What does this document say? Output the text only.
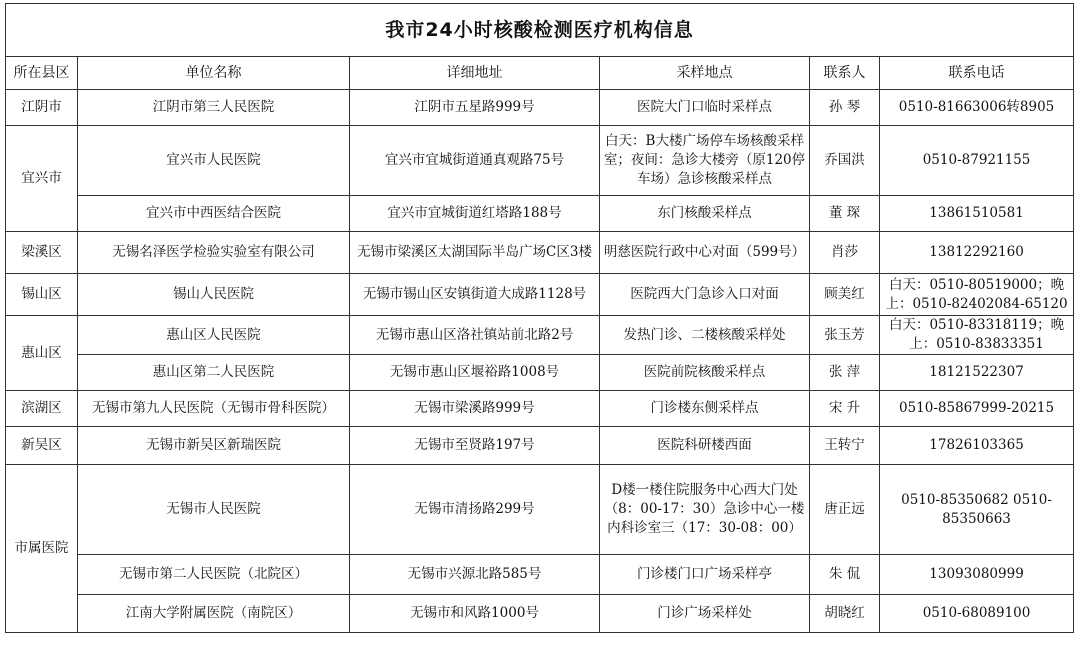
我市24小时核酸检测医疗机构信息					
所在县区	单位名称	详细地址	采样地点	联系人	联系电话
江阴市	江阴市第三人民医院	江阴市五星路999号	医院大门口临时采样点	孙 琴	0510-81663006转8905
宜兴市	宜兴市人民医院	宜兴市宜城街道通真观路75号	白天：B大楼广场停车场核酸采样室；夜间：急诊大楼旁（原120停车场）急诊核酸采样点	乔国洪	0510-87921155
	宜兴市中西医结合医院	宜兴市宜城街道红塔路188号	东门核酸采样点	董 琛	13861510581
梁溪区	无锡名泽医学检验实验室有限公司	无锡市梁溪区太湖国际半岛广场C区3楼	明慈医院行政中心对面（599号）	肖莎	13812292160
锡山区	锡山人民医院	无锡市锡山区安镇街道大成路1128号	医院西大门急诊入口对面	顾美红	白天：0510-80519000；晚上：0510-82402084-65120
惠山区	惠山区人民医院	无锡市惠山区洛社镇站前北路2号	发热门诊、二楼核酸采样处	张玉芳	白天：0510-83318119；晚上：0510-83833351
	惠山区第二人民医院	无锡市惠山区堰裕路1008号	医院前院核酸采样点	张 萍	18121522307
滨湖区	无锡市第九人民医院（无锡市骨科医院）	无锡市梁溪路999号	门诊楼东侧采样点	宋 升	0510-85867999-20215
新吴区	无锡市新吴区新瑞医院	无锡市至贤路197号	医院科研楼西面	王转宁	17826103365
市属医院	无锡市人民医院	无锡市清扬路299号	D楼一楼住院服务中心西大门处（8：00-17：30）急诊中心一楼内科诊室三（17：30-08：00）	唐正远	0510-85350682 0510-85350663
	无锡市第二人民医院（北院区）	无锡市兴源北路585号	门诊楼门口广场采样亭	朱 侃	13093080999
	江南大学附属医院（南院区）	无锡市和风路1000号	门诊广场采样处	胡晓红	0510-68089100
